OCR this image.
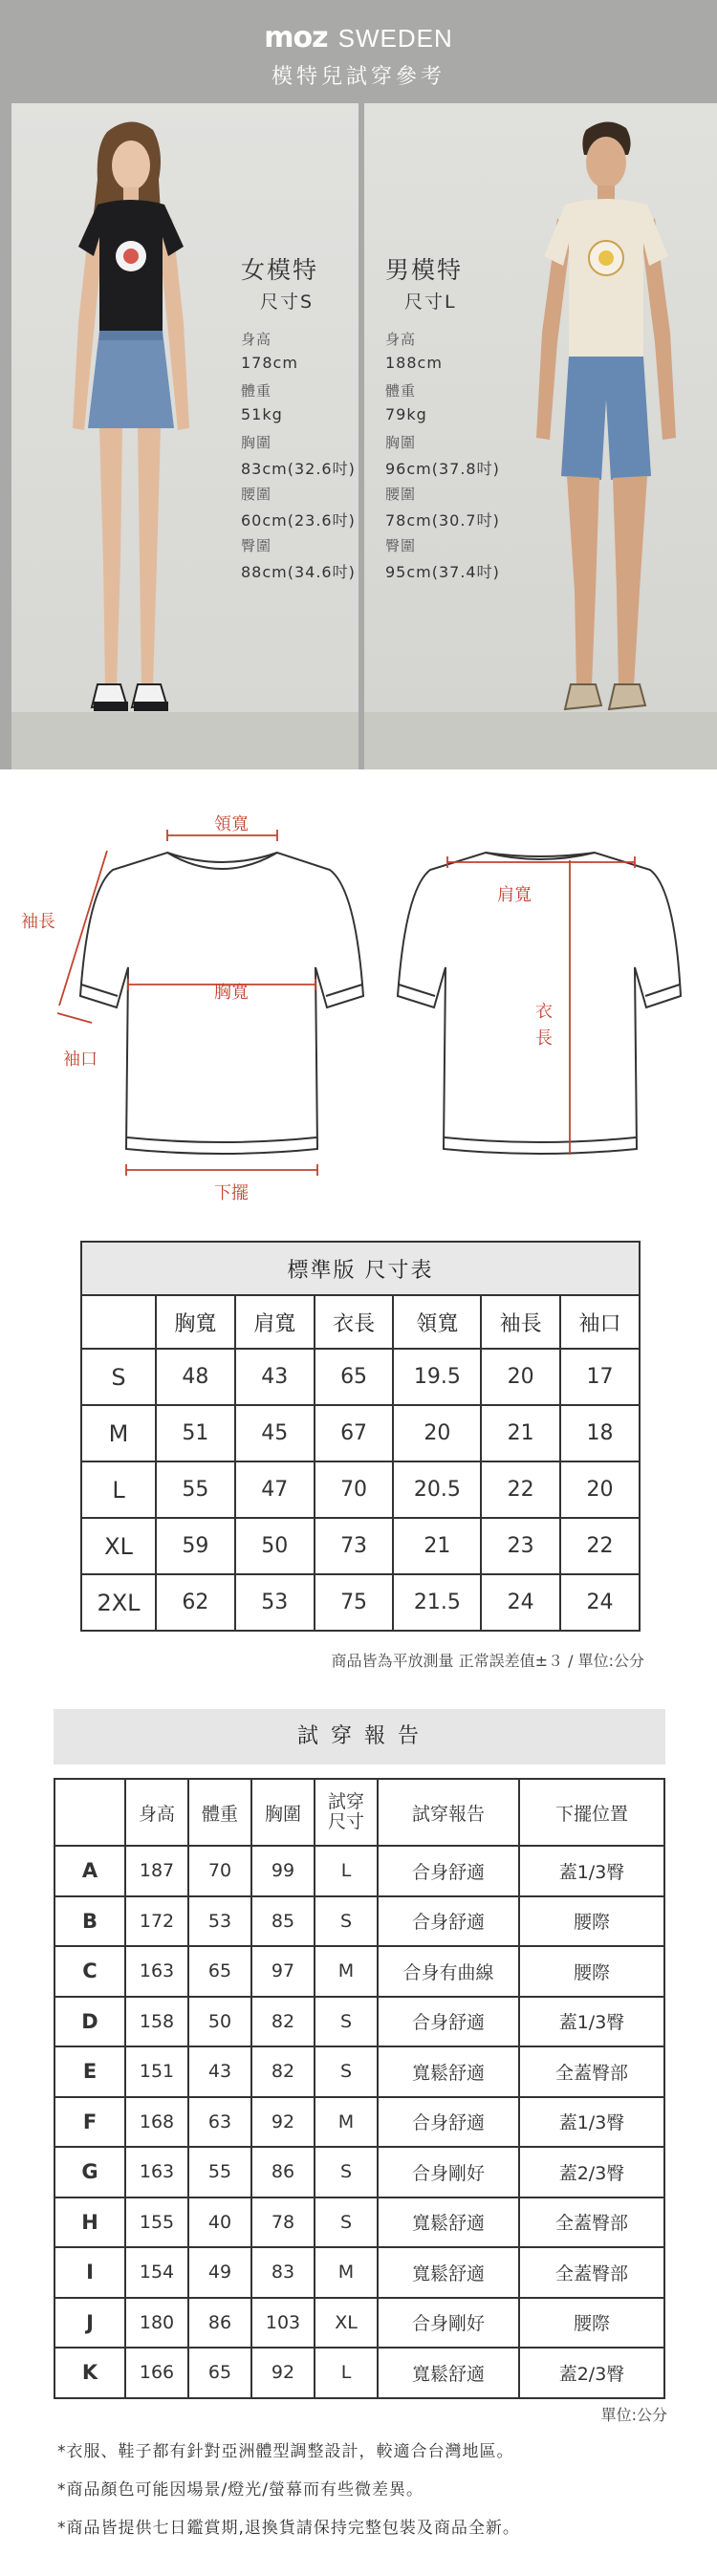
moz SWEDEN
模特兒試穿參考
女模特
尺寸S
身高
178cm
體重
51kg
胸圍
83cm(32.6吋)
腰圍
60cm(23.6吋)
臀圍
88cm(34.6吋)
男模特
尺寸L
身高
188cm
體重
79kg
胸圍
96cm(37.8吋)
腰圍
78cm(30.7吋)
臀圍
95cm(37.4吋)
領寬
袖長
胸寬
袖口
下擺
肩寬
衣
長
標準版 尺寸表						
	胸寬	肩寬	衣長	領寬	袖長	袖口
S	48	43	65	19.5	20	17
M	51	45	67	20	21	18
L	55	47	70	20.5	22	20
XL	59	50	73	21	23	22
2XL	62	53	75	21.5	24	24
商品皆為平放測量 正常誤差值±３ / 單位:公分
試 穿 報 告
	身高	體重	胸圍	試穿
尺寸	試穿報告	下擺位置
A	187	70	99	L	合身舒適	蓋1/3臀
B	172	53	85	S	合身舒適	腰際
C	163	65	97	M	合身有曲線	腰際
D	158	50	82	S	合身舒適	蓋1/3臀
E	151	43	82	S	寬鬆舒適	全蓋臀部
F	168	63	92	M	合身舒適	蓋1/3臀
G	163	55	86	S	合身剛好	蓋2/3臀
H	155	40	78	S	寬鬆舒適	全蓋臀部
I	154	49	83	M	寬鬆舒適	全蓋臀部
J	180	86	103	XL	合身剛好	腰際
K	166	65	92	L	寬鬆舒適	蓋2/3臀
單位:公分
*衣服、鞋子都有針對亞洲體型調整設計，較適合台灣地區。
*商品顏色可能因場景/燈光/螢幕而有些微差異。
*商品皆提供七日鑑賞期,退換貨請保持完整包裝及商品全新。
